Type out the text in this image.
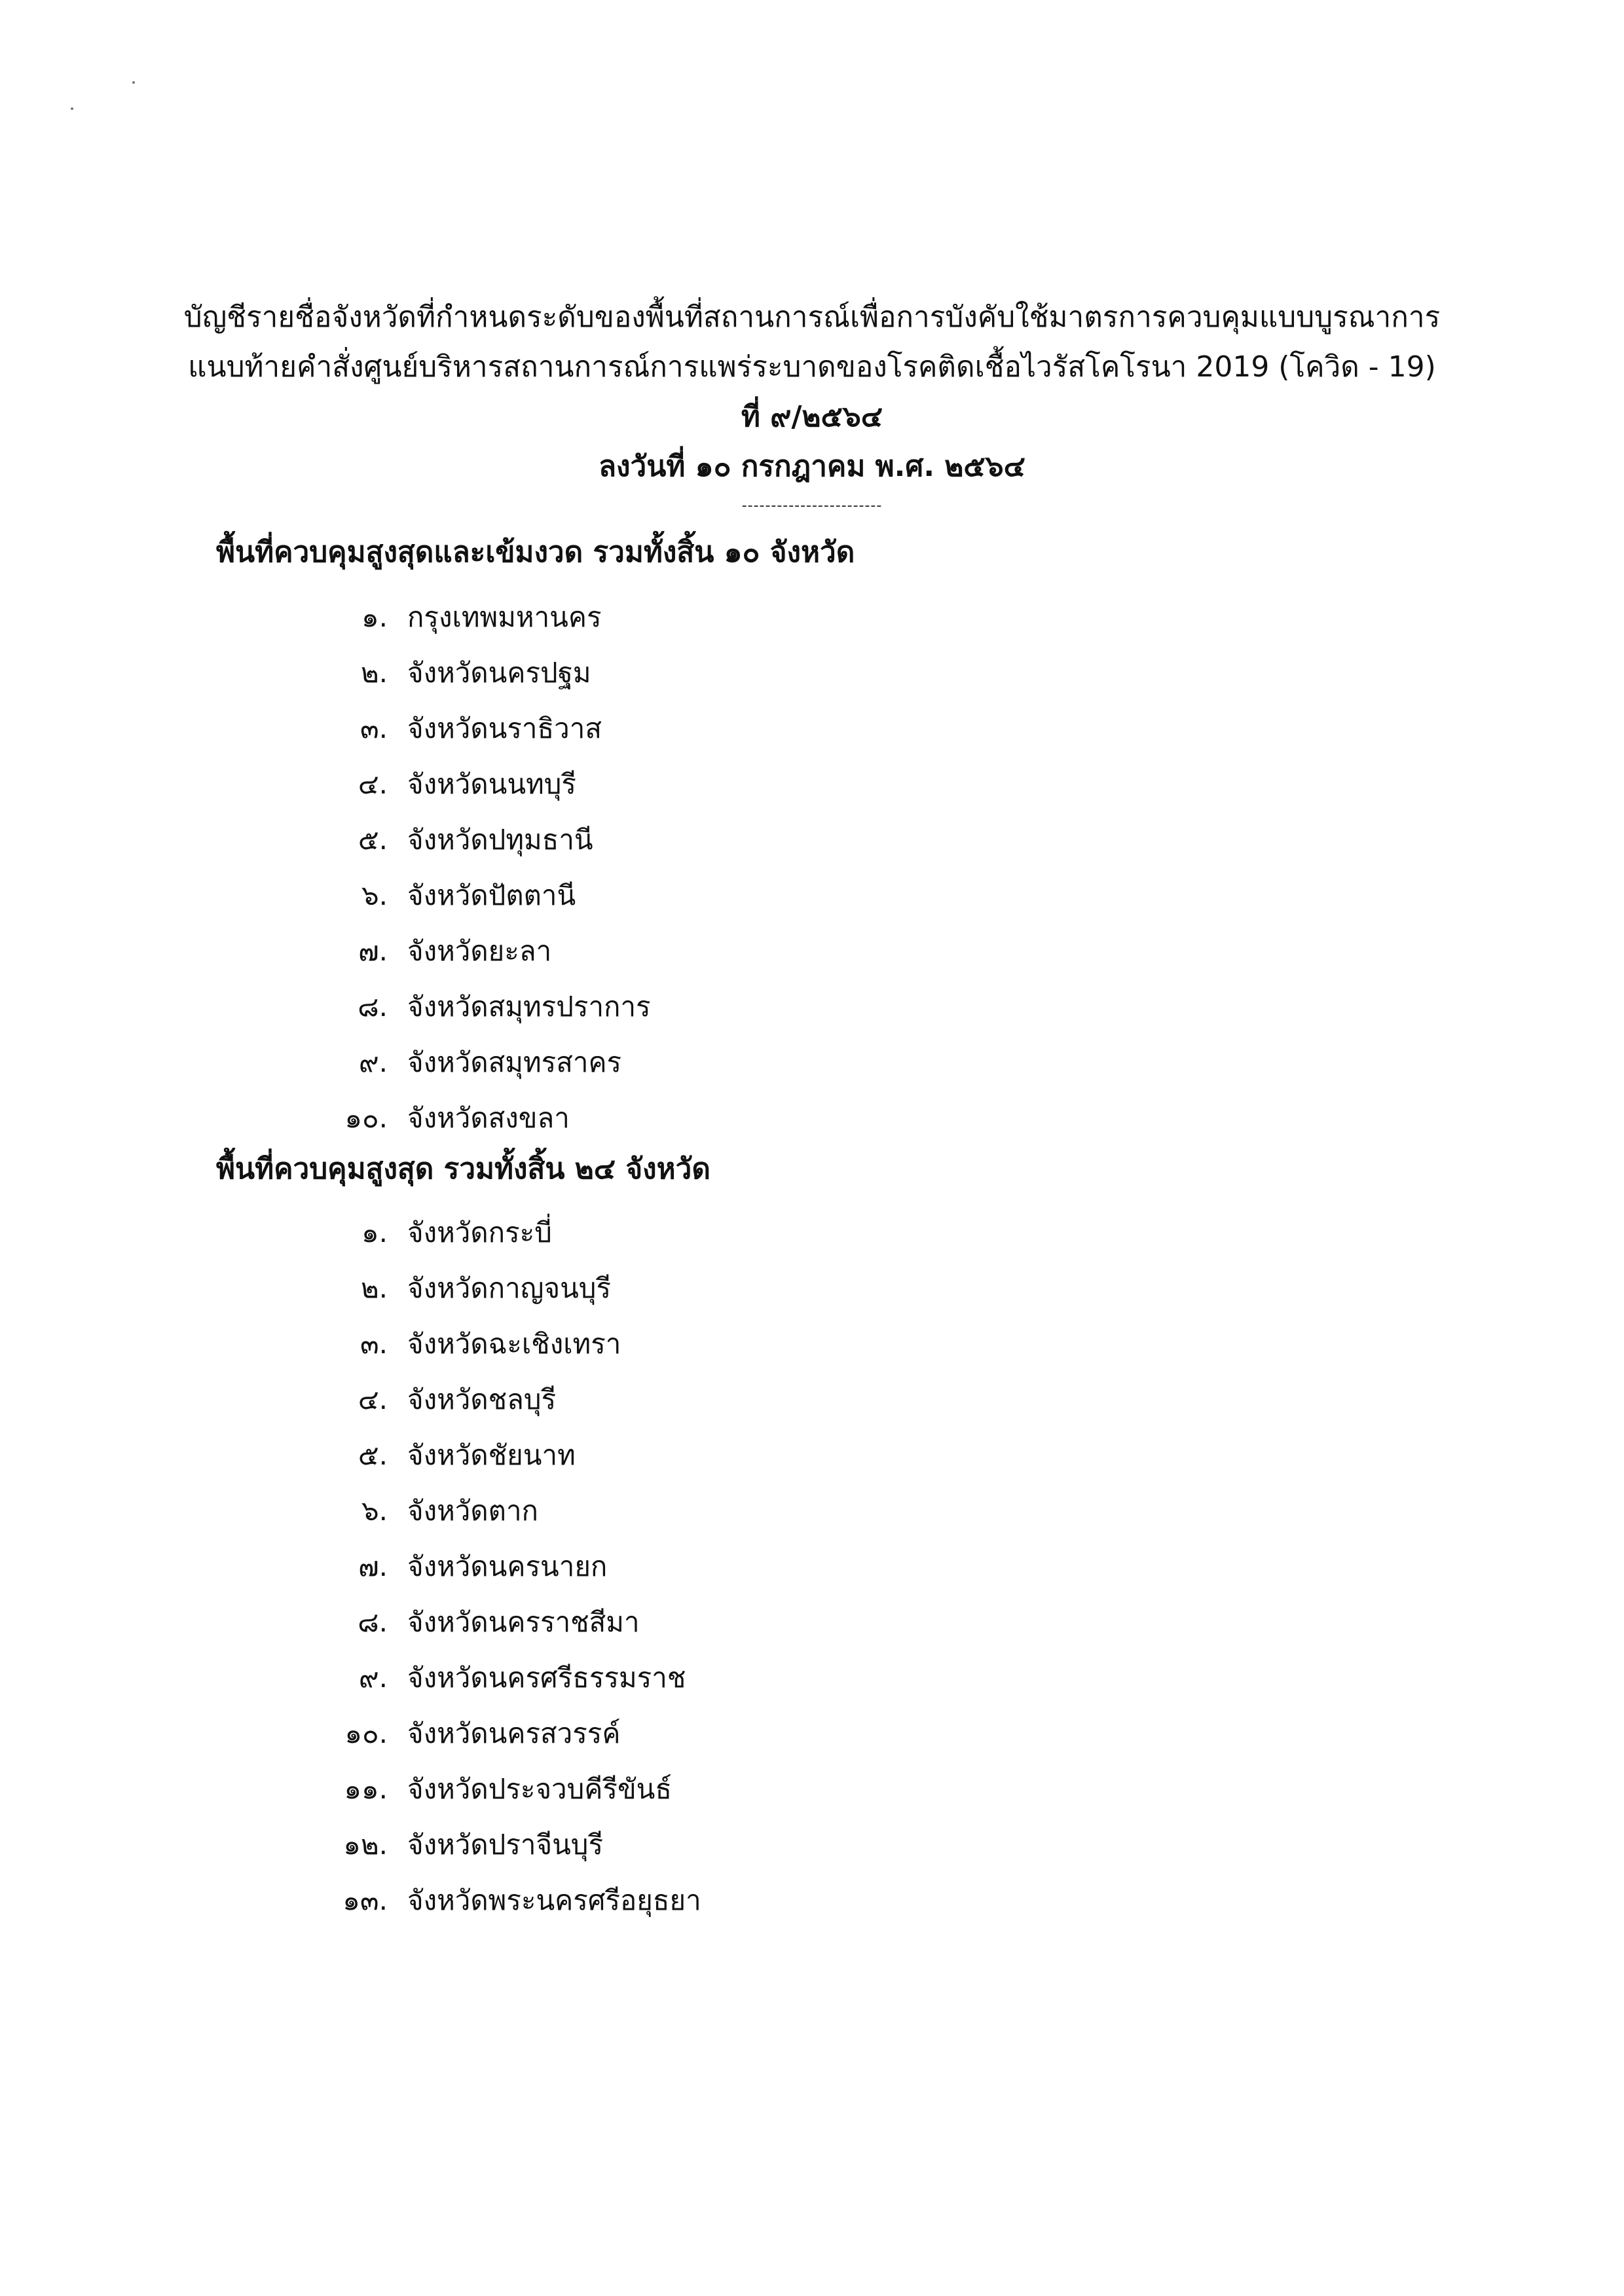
บัญชีรายชื่อจังหวัดที่กำหนดระดับของพื้นที่สถานการณ์เพื่อการบังคับใช้มาตรการควบคุมแบบบูรณาการ
แนบท้ายคำสั่งศูนย์บริหารสถานการณ์การแพร่ระบาดของโรคติดเชื้อไวรัสโคโรนา 2019 (โควิด - 19)
ที่ ๙/๒๕๖๔
ลงวันที่ ๑๐ กรกฎาคม พ.ศ. ๒๕๖๔
------------------------
พื้นที่ควบคุมสูงสุดและเข้มงวด รวมทั้งสิ้น ๑๐ จังหวัด
๑. กรุงเทพมหานคร
๒. จังหวัดนครปฐม
๓. จังหวัดนราธิวาส
๔. จังหวัดนนทบุรี
๕. จังหวัดปทุมธานี
๖. จังหวัดปัตตานี
๗. จังหวัดยะลา
๘. จังหวัดสมุทรปราการ
๙. จังหวัดสมุทรสาคร
๑๐. จังหวัดสงขลา
พื้นที่ควบคุมสูงสุด รวมทั้งสิ้น ๒๔ จังหวัด
๑. จังหวัดกระบี่
๒. จังหวัดกาญจนบุรี
๓. จังหวัดฉะเชิงเทรา
๔. จังหวัดชลบุรี
๕. จังหวัดชัยนาท
๖. จังหวัดตาก
๗. จังหวัดนครนายก
๘. จังหวัดนครราชสีมา
๙. จังหวัดนครศรีธรรมราช
๑๐. จังหวัดนครสวรรค์
๑๑. จังหวัดประจวบคีรีขันธ์
๑๒. จังหวัดปราจีนบุรี
๑๓. จังหวัดพระนครศรีอยุธยา
